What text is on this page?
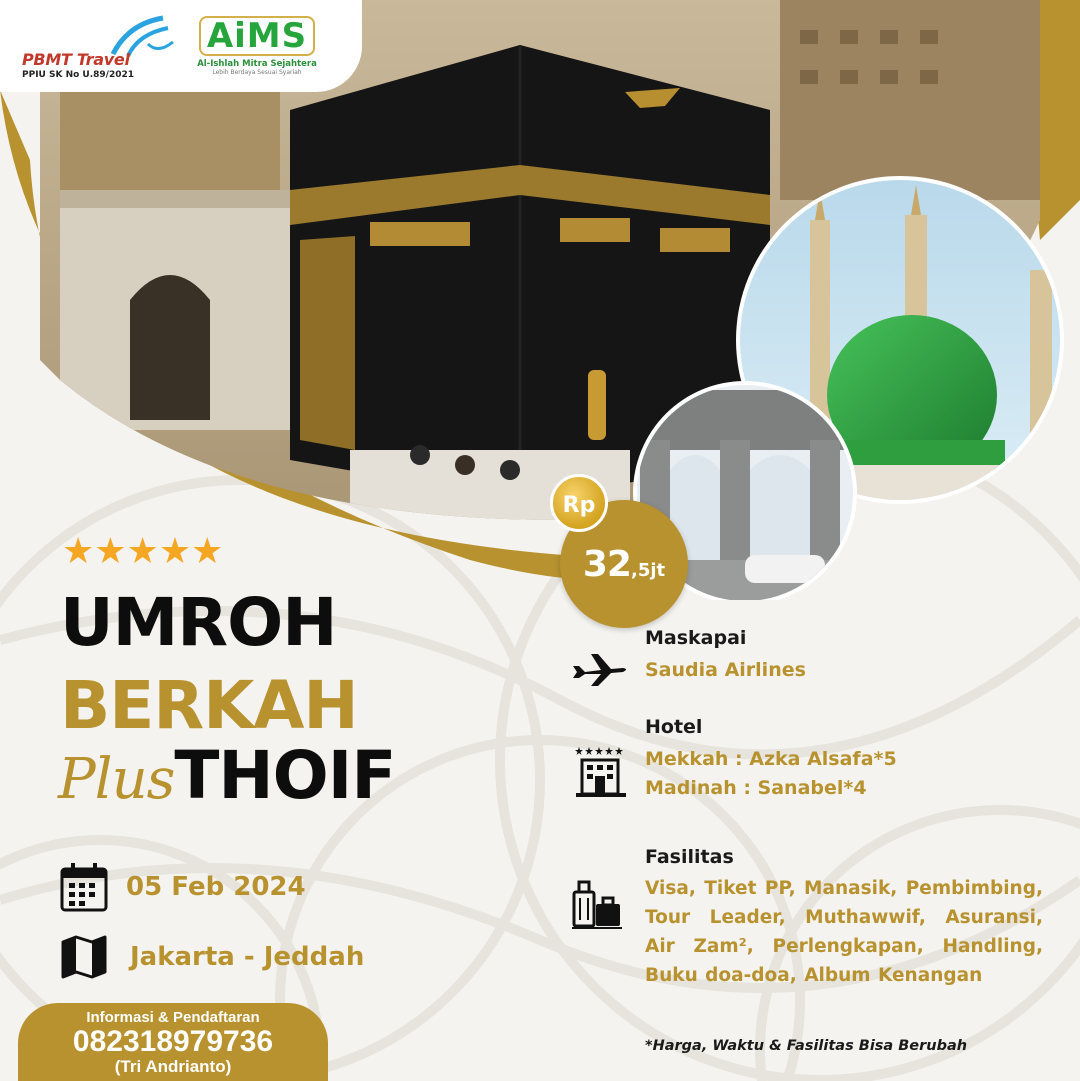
PBMT Travel
PPIU SK No U.89/2021
AiMS
Al-Ishlah Mitra Sejahtera
Lebih Berdaya Sesuai Syariah
★★★★★
UMROH
BERKAH
PlusTHOIF
05 Feb 2024
Jakarta - Jeddah
Informasi & Pendaftaran
082318979736
(Tri Andrianto)
32,5jt
Rp
Maskapai
Saudia Airlines
Hotel
Mekkah : Azka Alsafa*5
Madinah : Sanabel*4
Fasilitas
Visa, Tiket PP, Manasik, Pembimbing, Tour Leader, Muthawwif, Asuransi, Air Zam², Perlengkapan, Handling, Buku doa-doa, Album Kenangan
*Harga, Waktu & Fasilitas Bisa Berubah
